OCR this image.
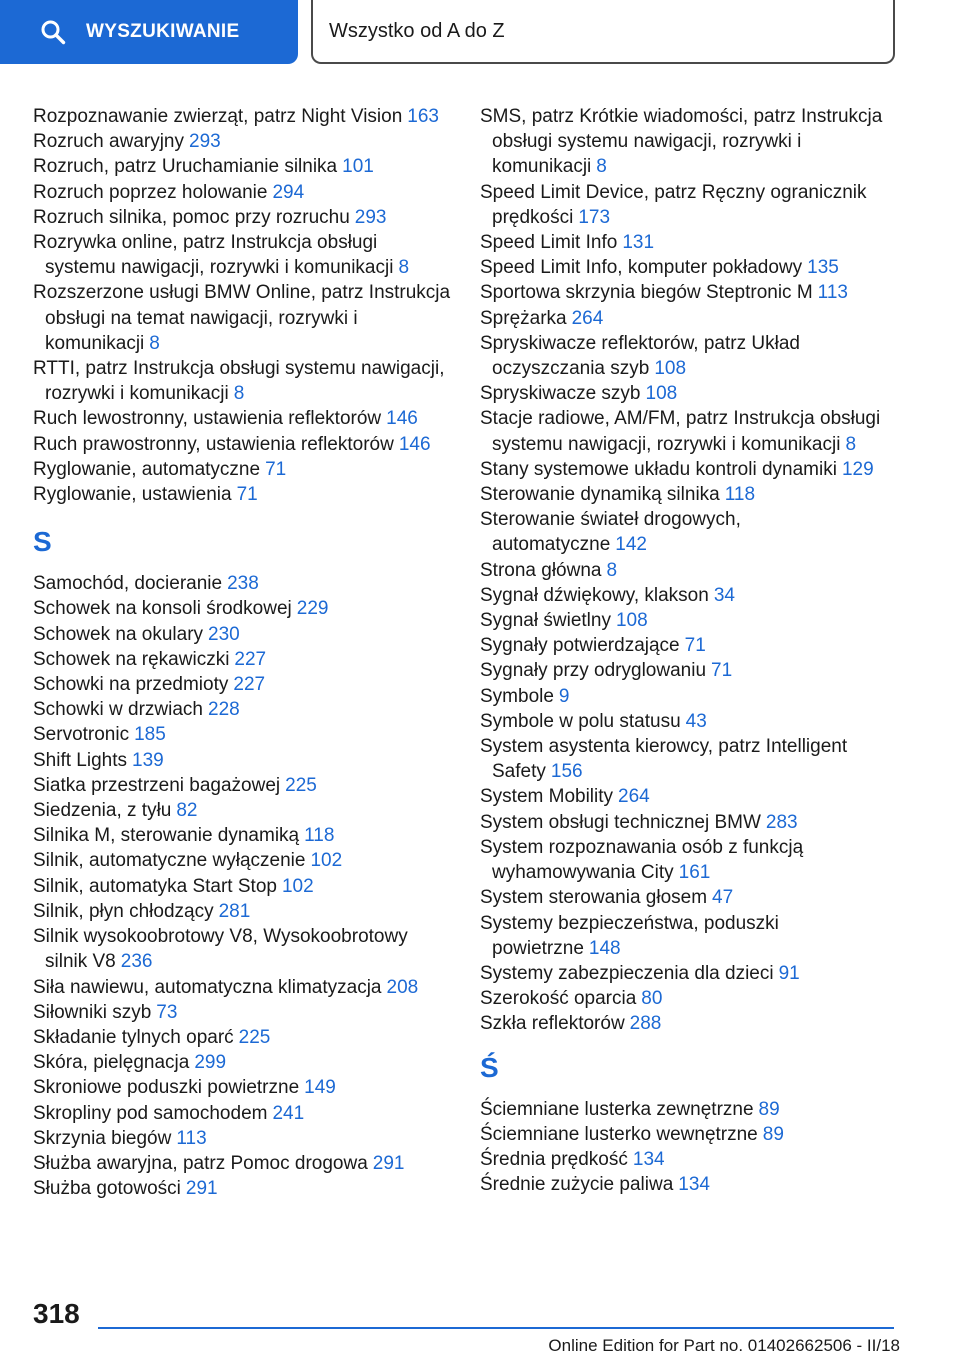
WYSZUKIWANIE	Wszystko od A do Z

Rozpoznawanie zwierząt, patrz Night Vision 163

Rozruch awaryjny 293

Rozruch, patrz Uruchamianie silnika 101

Rozruch poprzez holowanie 294

Rozruch silnika, pomoc przy rozruchu 293

Rozrywka online, patrz Instrukcja obsługi systemu nawigacji, rozrywki i komunikacji 8

Rozszerzone usługi BMW Online, patrz Instrukcja obsługi na temat nawigacji, rozrywki i komunikacji 8

RTTI, patrz Instrukcja obsługi systemu nawigacji, rozrywki i komunikacji 8

Ruch lewostronny, ustawienia reflektorów 146

Ruch prawostronny, ustawienia reflektorów 146

Ryglowanie, automatyczne 71

Ryglowanie, ustawienia 71

S

Samochód, docieranie 238

Schowek na konsoli środkowej 229

Schowek na okulary 230

Schowek na rękawiczki 227

Schowki na przedmioty 227

Schowki w drzwiach 228

Servotronic 185

Shift Lights 139

Siatka przestrzeni bagażowej 225

Siedzenia, z tyłu 82

Silnika M, sterowanie dynamiką 118

Silnik, automatyczne wyłączenie 102

Silnik, automatyka Start Stop 102

Silnik, płyn chłodzący 281

Silnik wysokoobrotowy V8, Wysokoobrotowy silnik V8 236

Siła nawiewu, automatyczna klimatyzacja 208

Siłowniki szyb 73

Składanie tylnych oparć 225

Skóra, pielęgnacja 299

Skroniowe poduszki powietrzne 149

Skropliny pod samochodem 241

Skrzynia biegów 113

Służba awaryjna, patrz Pomoc drogowa 291

Służba gotowości 291

SMS, patrz Krótkie wiadomości, patrz Instrukcja obsługi systemu nawigacji, rozrywki i komunikacji 8

Speed Limit Device, patrz Ręczny ogranicznik prędkości 173

Speed Limit Info 131

Speed Limit Info, komputer pokładowy 135

Sportowa skrzynia biegów Steptronic M 113

Sprężarka 264

Spryskiwacze reflektorów, patrz Układ oczyszczania szyb 108

Spryskiwacze szyb 108

Stacje radiowe, AM/FM, patrz Instrukcja obsługi systemu nawigacji, rozrywki i komunikacji 8

Stany systemowe układu kontroli dynamiki 129

Sterowanie dynamiką silnika 118

Sterowanie świateł drogowych, automatyczne 142

Strona główna 8

Sygnał dźwiękowy, klakson 34

Sygnał świetlny 108

Sygnały potwierdzające 71

Sygnały przy odryglowaniu 71

Symbole 9

Symbole w polu statusu 43

System asystenta kierowcy, patrz Intelligent Safety 156

System Mobility 264

System obsługi technicznej BMW 283

System rozpoznawania osób z funkcją wyhamowywania City 161

System sterowania głosem 47

Systemy bezpieczeństwa, poduszki powietrzne 148

Systemy zabezpieczenia dla dzieci 91

Szerokość oparcia 80

Szkła reflektorów 288

Ś

Ściemniane lusterka zewnętrzne 89

Ściemniane lusterko wewnętrzne 89

Średnia prędkość 134

Średnie zużycie paliwa 134

318
Online Edition for Part no. 01402662506 - II/18
